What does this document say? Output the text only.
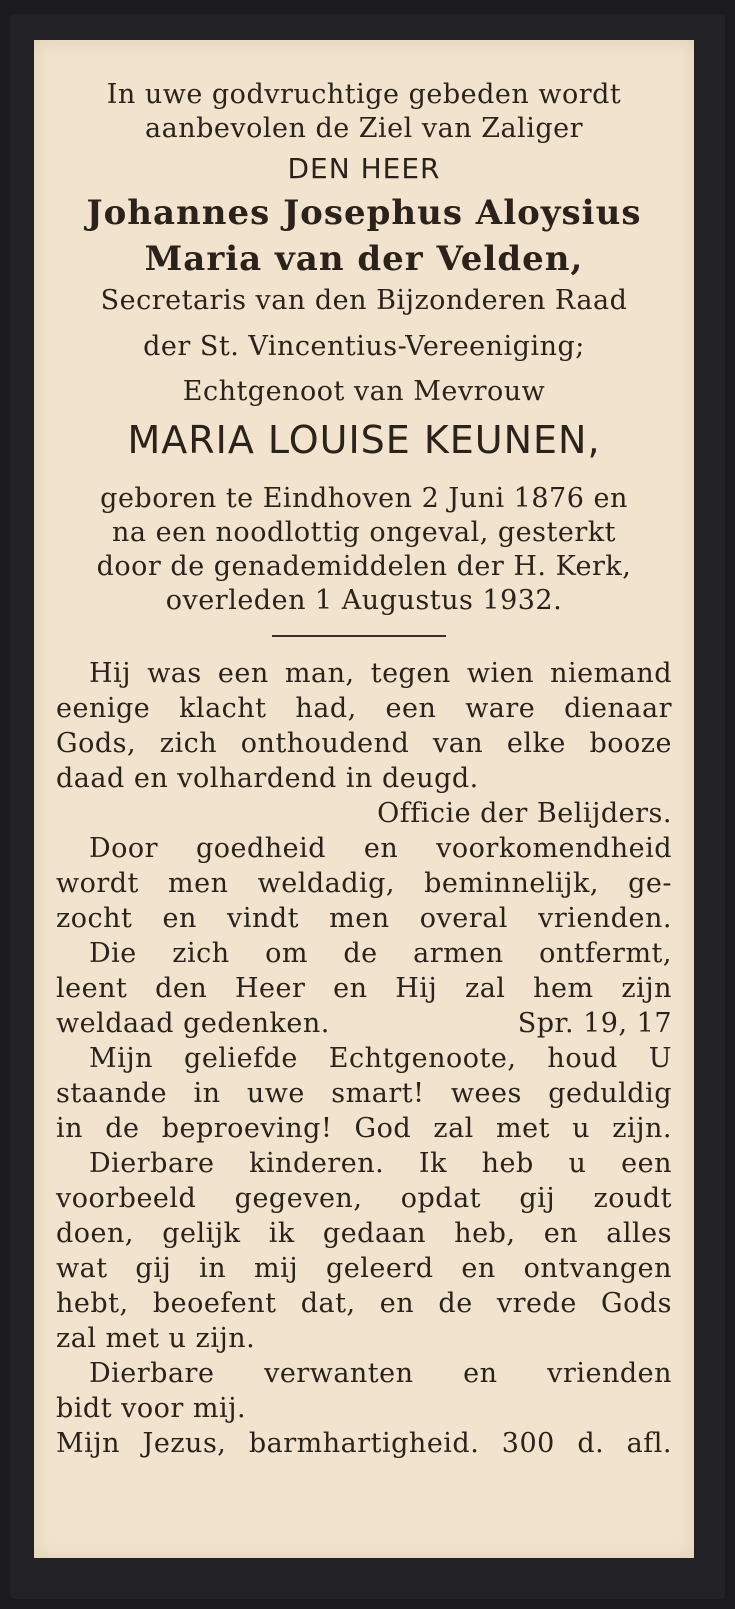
In uwe godvruchtige gebeden wordt
aanbevolen de Ziel van Zaliger
DEN HEER
Johannes Josephus Aloysius
Maria van der Velden,
Secretaris van den Bijzonderen Raad
der St. Vincentius-Vereeniging;
Echtgenoot van Mevrouw
MARIA LOUISE KEUNEN,
geboren te Eindhoven 2 Juni 1876 en
na een noodlottig ongeval, gesterkt
door de genademiddelen der H. Kerk,
overleden 1 Augustus 1932.
Hij was een man, tegen wien niemand
eenige klacht had, een ware dienaar
Gods, zich onthoudend van elke booze
daad en volhardend in deugd.
Officie der Belijders.
Door goedheid en voorkomendheid
wordt men weldadig, beminnelijk, ge-
zocht en vindt men overal vrienden.
Die zich om de armen ontfermt,
leent den Heer en Hij zal hem zijn
weldaad gedenken.	Spr. 19, 17
Mijn geliefde Echtgenoote, houd U
staande in uwe smart! wees geduldig
in de beproeving! God zal met u zijn.
Dierbare kinderen. Ik heb u een
voorbeeld gegeven, opdat gij zoudt
doen, gelijk ik gedaan heb, en alles
wat gij in mij geleerd en ontvangen
hebt, beoefent dat, en de vrede Gods
zal met u zijn.
Dierbare verwanten en vrienden
bidt voor mij.
Mijn Jezus, barmhartigheid. 300 d. afl.
